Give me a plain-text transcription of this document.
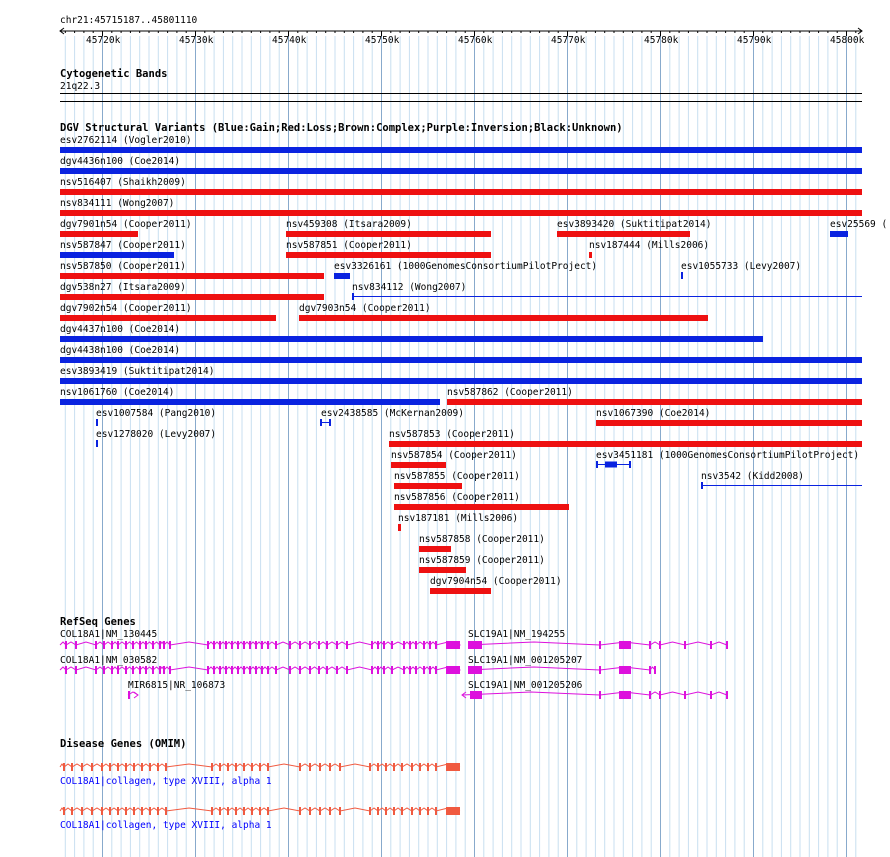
chr21:45715187..45801110
45720k	45730k	45740k	45750k	45760k	45770k	45780k	45790k	45800k
Cytogenetic Bands
21q22.3
DGV Structural Variants (Blue:Gain;Red:Loss;Brown:Complex;Purple:Inversion;Black:Unknown)
esv2762114 (Vogler2010)
dgv4436n100 (Coe2014)
nsv516407 (Shaikh2009)
nsv834111 (Wong2007)
dgv7901n54 (Cooper2011)	nsv459308 (Itsara2009)	esv3893420 (Suktitipat2014)	esv25569 (
nsv587847 (Cooper2011)	nsv587851 (Cooper2011)	nsv187444 (Mills2006)
nsv587850 (Cooper2011)	esv3326161 (1000GenomesConsortiumPilotProject)	esv1055733 (Levy2007)
dgv538n27 (Itsara2009)	nsv834112 (Wong2007)
dgv7902n54 (Cooper2011)	dgv7903n54 (Cooper2011)
dgv4437n100 (Coe2014)
dgv4438n100 (Coe2014)
esv3893419 (Suktitipat2014)
nsv1061760 (Coe2014)	nsv587862 (Cooper2011)
esv1007584 (Pang2010)	esv2438585 (McKernan2009)	nsv1067390 (Coe2014)
esv1278020 (Levy2007)	nsv587853 (Cooper2011)
nsv587854 (Cooper2011)	esv3451181 (1000GenomesConsortiumPilotProject)
nsv587855 (Cooper2011)	nsv3542 (Kidd2008)
nsv587856 (Cooper2011)
nsv187181 (Mills2006)
nsv587858 (Cooper2011)
nsv587859 (Cooper2011)
dgv7904n54 (Cooper2011)
RefSeq Genes
COL18A1|NM_130445	SLC19A1|NM_194255
COL18A1|NM_030582	SLC19A1|NM_001205207
MIR6815|NR_106873	SLC19A1|NM_001205206
Disease Genes (OMIM)
COL18A1|collagen, type XVIII, alpha 1
COL18A1|collagen, type XVIII, alpha 1
